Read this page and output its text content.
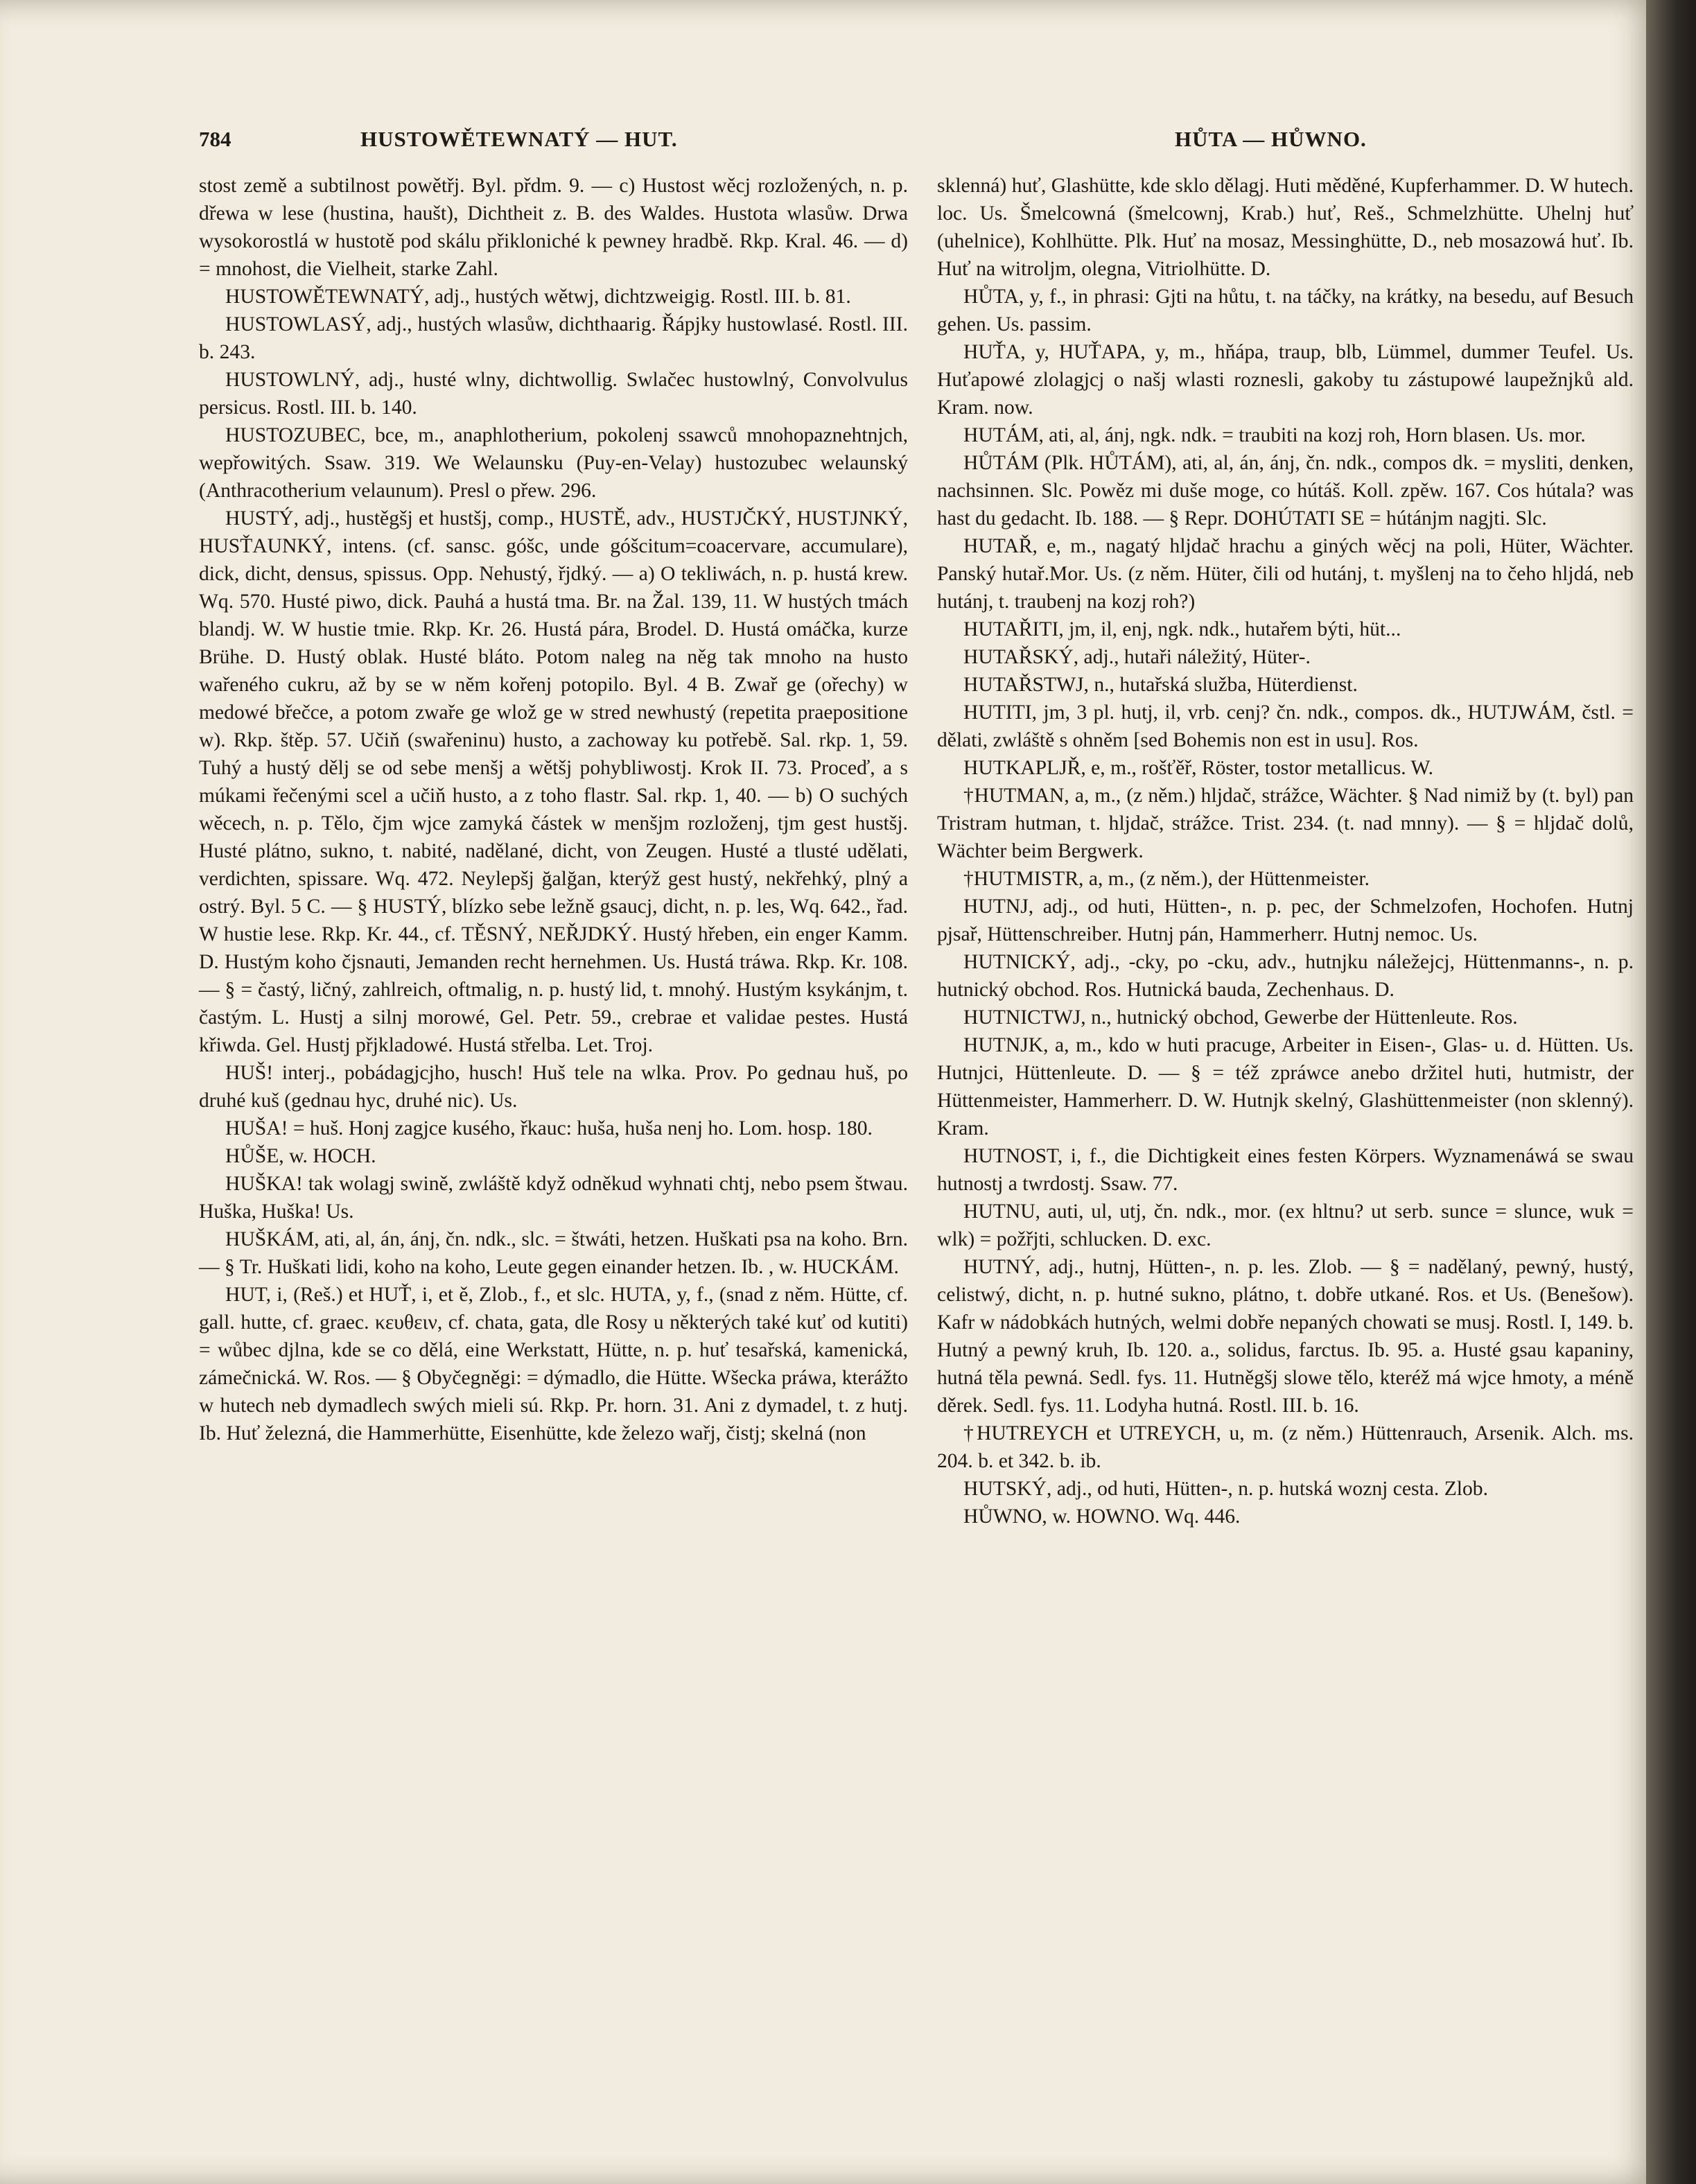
784	HUSTOWĚTEWNATÝ — HUT.	HŮTA — HŮWNO.

stost země a subtilnost powětřj. Byl. přdm. 9. — c) Hustost wěcj rozložených, n. p. dřewa w lese (hustina, haušt), Dichtheit z. B. des Waldes. Hustota wlasůw. Drwa wysokorostlá w hustotě pod skálu přikloniché k pewney hradbě. Rkp. Kral. 46. — d) = mnohost, die Vielheit, starke Zahl.

HUSTOWĚTEWNATÝ, adj., hustých wětwj, dichtzweigig. Rostl. III. b. 81.

HUSTOWLASÝ, adj., hustých wlasůw, dichthaarig. Řápjky hustowlasé. Rostl. III. b. 243.

HUSTOWLNÝ, adj., husté wlny, dichtwollig. Swlačec hustowlný, Convolvulus persicus. Rostl. III. b. 140.

HUSTOZUBEC, bce, m., anaphlotherium, pokolenj ssawců mnohopaznehtnjch, wepřowitých. Ssaw. 319. We Welaunsku (Puy-en-Velay) hustozubec welaunský (Anthracotherium velaunum). Presl o přew. 296.

HUSTÝ, adj., hustěgšj et hustšj, comp., HUSTĚ, adv., HUSTJČKÝ, HUSTJNKÝ, HUSŤAUNKÝ, intens. (cf. sansc. góšc, unde góšcitum=coacervare, accumulare), dick, dicht, densus, spissus. Opp. Nehustý, řjdký. — a) O tekliwách, n. p. hustá krew. Wq. 570. Husté piwo, dick. Pauhá a hustá tma. Br. na Žal. 139, 11. W hustých tmách blandj. W. W hustie tmie. Rkp. Kr. 26. Hustá pára, Brodel. D. Hustá omáčka, kurze Brühe. D. Hustý oblak. Husté bláto. Potom naleg na něg tak mnoho na husto wařeného cukru, až by se w něm kořenj potopilo. Byl. 4 B. Zwař ge (ořechy) w medowé břečce, a potom zwaře ge wlož ge w stred newhustý (repetita praepositione w). Rkp. štěp. 57. Učiň (swařeninu) husto, a zachoway ku potřebě. Sal. rkp. 1, 59. Tuhý a hustý dělj se od sebe menšj a wětšj pohybliwostj. Krok II. 73. Proceď, a s múkami řečenými scel a učiň husto, a z toho flastr. Sal. rkp. 1, 40. — b) O suchých wěcech, n. p. Tělo, čjm wjce zamyká částek w menšjm rozloženj, tjm gest hustšj. Husté plátno, sukno, t. nabité, nadělané, dicht, von Zeugen. Husté a tlusté udělati, verdichten, spissare. Wq. 472. Neylepšj ğalğan, kterýž gest hustý, nekřehký, plný a ostrý. Byl. 5 C. — § HUSTÝ, blízko sebe ležně gsaucj, dicht, n. p. les, Wq. 642., řad. W hustie lese. Rkp. Kr. 44., cf. TĚSNÝ, NEŘJDKÝ. Hustý hřeben, ein enger Kamm. D. Hustým koho čjsnauti, Jemanden recht hernehmen. Us. Hustá tráwa. Rkp. Kr. 108. — § = častý, ličný, zahlreich, oftmalig, n. p. hustý lid, t. mnohý. Hustým ksykánjm, t. častým. L. Hustj a silnj morowé, Gel. Petr. 59., crebrae et validae pestes. Hustá křiwda. Gel. Hustj přjkladowé. Hustá střelba. Let. Troj.

HUŠ! interj., pobádagjcjho, husch! Huš tele na wlka. Prov. Po gednau huš, po druhé kuš (gednau hyc, druhé nic). Us.

HUŠA! = huš. Honj zagjce kusého, řkauc: huša, huša nenj ho. Lom. hosp. 180.

HŮŠE, w. HOCH.

HUŠKA! tak wolagj swině, zwláště když odněkud wyhnati chtj, nebo psem štwau. Huška, Huška! Us.

HUŠKÁM, ati, al, án, ánj, čn. ndk., slc. = štwáti, hetzen. Huškati psa na koho. Brn. — § Tr. Huškati lidi, koho na koho, Leute gegen einander hetzen. Ib. , w. HUCKÁM.

HUT, i, (Reš.) et HUŤ, i, et ě, Zlob., f., et slc. HUTA, y, f., (snad z něm. Hütte, cf. gall. hutte, cf. graec. κευθειν, cf. chata, gata, dle Rosy u některých také kuť od kutiti) = wůbec djlna, kde se co dělá, eine Werkstatt, Hütte, n. p. huť tesařská, kamenická, zámečnická. W. Ros. — § Obyčegněgi: = dýmadlo, die Hütte. Wšecka práwa, kterážto w hutech neb dymadlech swých mieli sú. Rkp. Pr. horn. 31. Ani z dymadel, t. z hutj. Ib. Huť železná, die Hammerhütte, Eisenhütte, kde železo wařj, čistj; skelná (non

sklenná) huť, Glashütte, kde sklo dělagj. Huti měděné, Kupferhammer. D. W hutech. loc. Us. Šmelcowná (šmelcownj, Krab.) huť, Reš., Schmelzhütte. Uhelnj huť (uhelnice), Kohlhütte. Plk. Huť na mosaz, Messinghütte, D., neb mosazowá huť. Ib. Huť na witroljm, olegna, Vitriolhütte. D.

HŮTA, y, f., in phrasi: Gjti na hůtu, t. na táčky, na krátky, na besedu, auf Besuch gehen. Us. passim.

HUŤA, y, HUŤAPA, y, m., hňápa, traup, blb, Lümmel, dummer Teufel. Us. Huťapowé zlolagjcj o našj wlasti roznesli, gakoby tu zástupowé laupežnjků ald. Kram. now.

HUTÁM, ati, al, ánj, ngk. ndk. = traubiti na kozj roh, Horn blasen. Us. mor.

HŮTÁM (Plk. HŮTÁM), ati, al, án, ánj, čn. ndk., compos dk. = mysliti, denken, nachsinnen. Slc. Powěz mi duše moge, co hútáš. Koll. zpěw. 167. Cos hútala? was hast du gedacht. Ib. 188. — § Repr. DOHÚTATI SE = hútánjm nagjti. Slc.

HUTAŘ, e, m., nagatý hljdač hrachu a giných wěcj na poli, Hüter, Wächter. Panský hutař.Mor. Us. (z něm. Hüter, čili od hutánj, t. myšlenj na to čeho hljdá, neb hutánj, t. traubenj na kozj roh?)

HUTAŘITI, jm, il, enj, ngk. ndk., hutařem býti, hüt...

HUTAŘSKÝ, adj., hutaři náležitý, Hüter-.

HUTAŘSTWJ, n., hutařská služba, Hüterdienst.

HUTITI, jm, 3 pl. hutj, il, vrb. cenj? čn. ndk., compos. dk., HUTJWÁM, čstl. = dělati, zwláště s ohněm [sed Bohemis non est in usu]. Ros.

HUTKAPLJŘ, e, m., rošťěř, Röster, tostor metallicus. W.

†HUTMAN, a, m., (z něm.) hljdač, strážce, Wächter. § Nad nimiž by (t. byl) pan Tristram hutman, t. hljdač, strážce. Trist. 234. (t. nad mnny). — § = hljdač dolů, Wächter beim Bergwerk.

†HUTMISTR, a, m., (z něm.), der Hüttenmeister.

HUTNJ, adj., od huti, Hütten-, n. p. pec, der Schmelzofen, Hochofen. Hutnj pjsař, Hüttenschreiber. Hutnj pán, Hammerherr. Hutnj nemoc. Us.

HUTNICKÝ, adj., -cky, po -cku, adv., hutnjku náležejcj, Hüttenmanns-, n. p. hutnický obchod. Ros. Hutnická bauda, Zechenhaus. D.

HUTNICTWJ, n., hutnický obchod, Gewerbe der Hüttenleute. Ros.

HUTNJK, a, m., kdo w huti pracuge, Arbeiter in Eisen-, Glas- u. d. Hütten. Us. Hutnjci, Hüttenleute. D. — § = též zpráwce anebo držitel huti, hutmistr, der Hüttenmeister, Hammerherr. D. W. Hutnjk skelný, Glashüttenmeister (non sklenný). Kram.

HUTNOST, i, f., die Dichtigkeit eines festen Körpers. Wyznamenáwá se swau hutnostj a twrdostj. Ssaw. 77.

HUTNU, auti, ul, utj, čn. ndk., mor. (ex hltnu? ut serb. sunce = slunce, wuk = wlk) = požřjti, schlucken. D. exc.

HUTNÝ, adj., hutnj, Hütten-, n. p. les. Zlob. — § = nadělaný, pewný, hustý, celistwý, dicht, n. p. hutné sukno, plátno, t. dobře utkané. Ros. et Us. (Benešow). Kafr w nádobkách hutných, welmi dobře nepaných chowati se musj. Rostl. I, 149. b. Hutný a pewný kruh, Ib. 120. a., solidus, farctus. Ib. 95. a. Husté gsau kapaniny, hutná těla pewná. Sedl. fys. 11. Hutněgšj slowe tělo, kteréž má wjce hmoty, a méně děrek. Sedl. fys. 11. Lodyha hutná. Rostl. III. b. 16.

†HUTREYCH et UTREYCH, u, m. (z něm.) Hüttenrauch, Arsenik. Alch. ms. 204. b. et 342. b. ib.

HUTSKÝ, adj., od huti, Hütten-, n. p. hutská woznj cesta. Zlob.

HŮWNO, w. HOWNO. Wq. 446.
